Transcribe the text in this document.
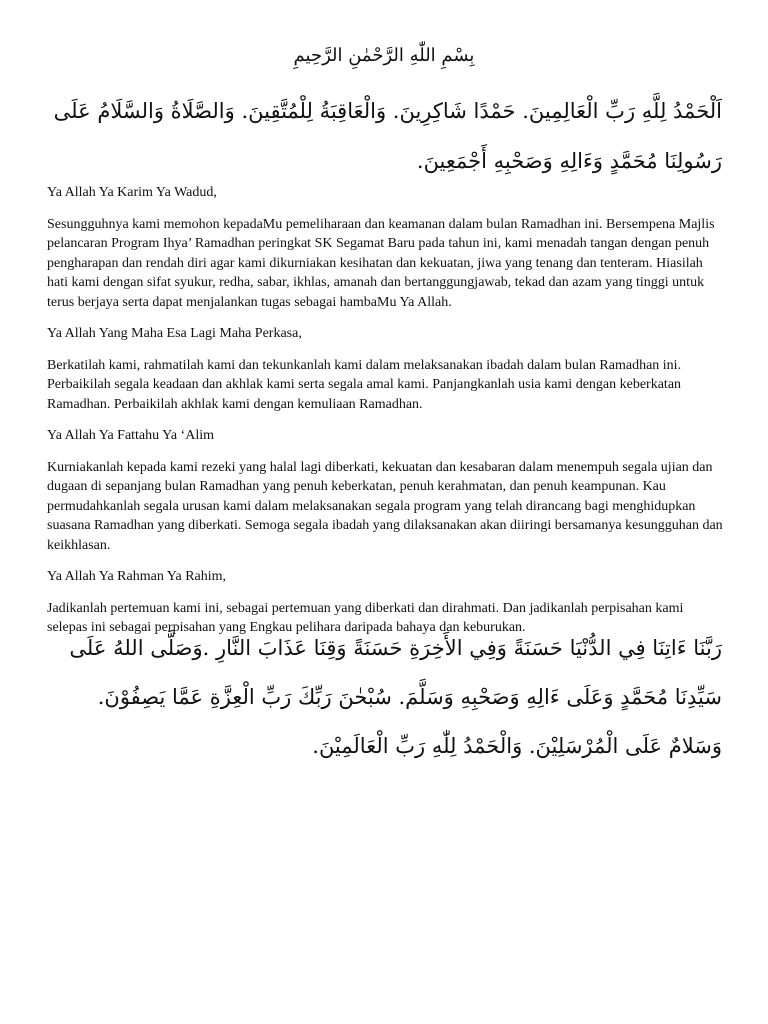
بِسْمِ اللّٰهِ الرَّحْمٰنِ الرَّحِيمِ

اَلْحَمْدُ لِلَّهِ رَبِّ الْعَالِمِينَ. حَمْدًا شَاكِرِينَ. وَالْعَاقِبَةُ لِلْمُتَّقِينَ. وَالصَّلَاةُ وَالسَّلَامُ عَلَى رَسُولِنَا مُحَمَّدٍ وَءَالِهِ وَصَحْبِهِ أَجْمَعِينَ.

Ya Allah Ya Karim Ya Wadud,

Sesungguhnya kami memohon kepadaMu pemeliharaan dan keamanan dalam bulan Ramadhan ini. Bersempena Majlis pelancaran Program Ihya’ Ramadhan peringkat SK Segamat Baru pada tahun ini, kami menadah tangan dengan penuh pengharapan dan rendah diri agar kami dikurniakan kesihatan dan kekuatan, jiwa yang tenang dan tenteram. Hiasilah hati kami dengan sifat syukur, redha, sabar, ikhlas, amanah dan bertanggungjawab, tekad dan azam yang tinggi untuk terus berjaya serta dapat menjalankan tugas sebagai hambaMu Ya Allah.

Ya Allah Yang Maha Esa Lagi Maha Perkasa,

Berkatilah kami, rahmatilah kami dan tekunkanlah kami dalam melaksanakan ibadah dalam bulan Ramadhan ini. Perbaikilah segala keadaan dan akhlak kami serta segala amal kami. Panjangkanlah usia kami dengan keberkatan Ramadhan. Perbaikilah akhlak kami dengan kemuliaan Ramadhan.

Ya Allah Ya Fattahu Ya ‘Alim

Kurniakanlah kepada kami rezeki yang halal lagi diberkati, kekuatan dan kesabaran dalam menempuh segala ujian dan dugaan di sepanjang bulan Ramadhan yang penuh keberkatan, penuh kerahmatan, dan penuh keampunan. Kau permudahkanlah segala urusan kami dalam melaksanakan segala program yang telah dirancang bagi menghidupkan suasana Ramadhan yang diberkati. Semoga segala ibadah yang dilaksanakan akan diiringi bersamanya kesungguhan dan keikhlasan.

Ya Allah Ya Rahman Ya Rahim,

Jadikanlah pertemuan kami ini, sebagai pertemuan yang diberkati dan dirahmati. Dan jadikanlah perpisahan kami selepas ini sebagai perpisahan yang Engkau pelihara daripada bahaya dan keburukan.

رَبَّنَا ءَاتِنَا فِي الدُّنْيَا حَسَنَةً وَفِي الأَخِرَةِ حَسَنَةً وَقِنَا عَذَابَ النَّارِ .وَصَلَّى اللهُ عَلَى سَيِّدِنَا مُحَمَّدٍ وَعَلَى ءَالِهِ وَصَحْبِهِ وَسَلَّمَ. سُبْحٰنَ رَبِّكَ رَبِّ الْعِزَّةِ عَمَّا يَصِفُوْنَ. وَسَلامٌ عَلَى الْمُرْسَلِيْنَ. وَالْحَمْدُ لِلّٰهِ رَبِّ الْعَالَمِيْنَ.
